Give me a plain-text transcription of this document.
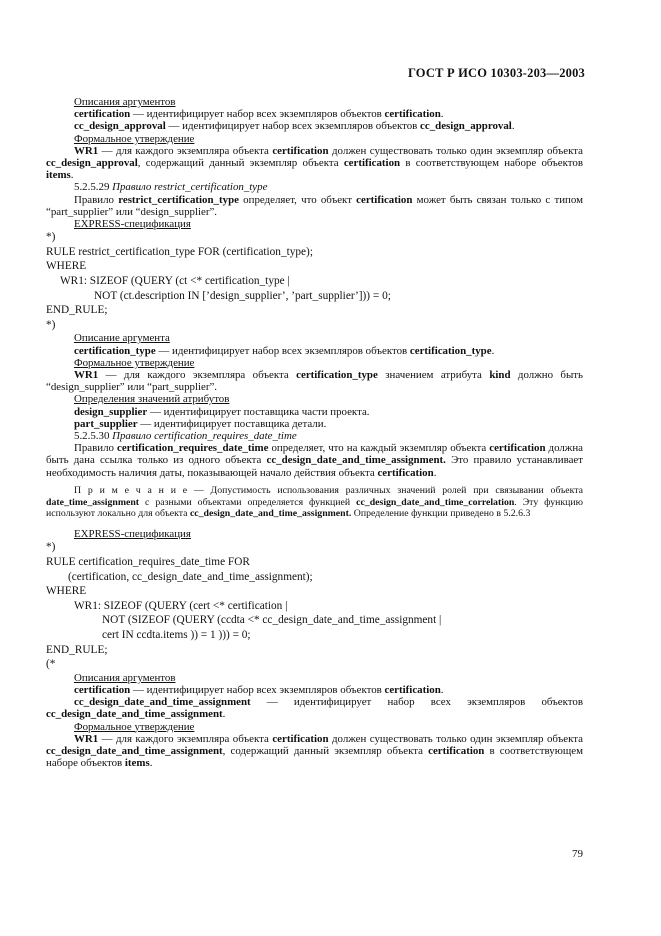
ГОСТ Р ИСО 10303-203—2003
Описания аргументов

certification — идентифицирует набор всех экземпляров объектов certification.

cc_design_approval — идентифицирует набор всех экземпляров объектов cc_design_approval.

Формальное утверждение

WR1 — для каждого экземпляра объекта certification должен существовать только один экземпляр объекта cc_design_approval, содержащий данный экземпляр объекта certification в соответствующем наборе объектов items.

5.2.5.29 Правило restrict_certification_type

Правило restrict_certification_type определяет, что объект certification может быть связан только с типом “part_supplier” или “design_supplier”.

EXPRESS-спецификация
*)
RULE restrict_certification_type FOR (certification_type);
WHERE
WR1: SIZEOF (QUERY (ct <* certification_type |
NOT (ct.description IN [’design_supplier’, ’part_supplier’])) = 0;
END_RULE;
*)
Описание аргумента

certification_type — идентифицирует набор всех экземпляров объектов certification_type.

Формальное утверждение

WR1 — для каждого экземпляра объекта certification_type значением атрибута kind должно быть “design_supplier” или “part_supplier”.

Определения значений атрибутов

design_supplier — идентифицирует поставщика части проекта.

part_supplier — идентифицирует поставщика детали.

5.2.5.30 Правило certification_requires_date_time

Правило certification_requires_date_time определяет, что на каждый экземпляр объекта certification должна быть дана ссылка только из одного объекта cc_design_date_and_time_assignment. Это правило устанавливает необходимость наличия даты, показывающей начало действия объекта certification.

П р и м е ч а н и е — Допустимость использования различных значений ролей при связывании объекта date_time_assignment с разными объектами определяется функцией cc_design_date_and_time_correlation. Эту функцию используют локально для объекта cc_design_date_and_time_assignment. Определение функции приведено в 5.2.6.3

EXPRESS-спецификация
*)
RULE certification_requires_date_time FOR
(certification, cc_design_date_and_time_assignment);
WHERE
WR1: SIZEOF (QUERY (cert <* certification |
NOT (SIZEOF (QUERY (ccdta <* cc_design_date_and_time_assignment |
cert IN ccdta.items )) = 1 ))) = 0;
END_RULE;
(*
Описания аргументов

certification — идентифицирует набор всех экземпляров объектов certification.

cc_design_date_and_time_assignment — идентифицирует набор всех экземпляров объектов cc_design_date_and_time_assignment.

Формальное утверждение

WR1 — для каждого экземпляра объекта certification должен существовать только один экземпляр объекта cc_design_date_and_time_assignment, содержащий данный экземпляр объекта certification в соответствующем наборе объектов items.

79
